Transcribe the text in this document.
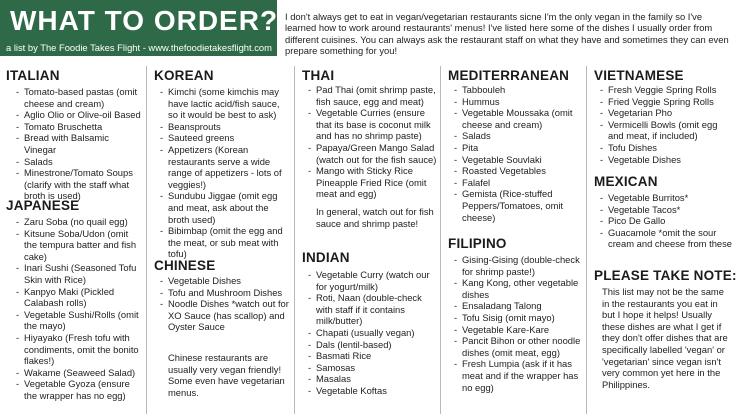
WHAT TO ORDER?
a list by The Foodie Takes Flight - www.thefoodietakesflight.com
I don't always get to eat in vegan/vegetarian restaurants sicne I'm the only vegan in the family so I've learned how to work around restaurants' menus! I've listed here some of the dishes I usually order from different cuisines. You can always ask the restaurant staff on what they have and sometimes they can even prepare something for you!
ITALIAN
- Tomato-based pastas (omit cheese and cream)
- Aglio Olio or Olive-oil Based
- Tomato Bruschetta
- Bread with Balsamic Vinegar
- Salads
- Minestrone/Tomato Soups (clarify with the staff what broth is used)
JAPANESE
- Zaru Soba (no quail egg)
- Kitsune Soba/Udon (omit the tempura batter and fish cake)
- Inari Sushi (Seasoned Tofu Skin with Rice)
- Kanpyo Maki (Pickled Calabash rolls)
- Vegetable Sushi/Rolls (omit the mayo)
- Hiyayako (Fresh tofu with condiments, omit the bonito flakes!)
- Wakame (Seaweed Salad)
- Vegetable Gyoza (ensure the wrapper has no egg)
KOREAN
- Kimchi (some kimchis may have lactic acid/fish sauce, so it would be best to ask)
- Beansprouts
- Sauteed greens
- Appetizers (Korean restaurants serve a wide range of appetizers - lots of veggies!)
- Sundubu Jiggae (omit egg and meat, ask about the broth used)
- Bibimbap (omit the egg and the meat, or sub meat with tofu)
CHINESE
- Vegetable Dishes
- Tofu and Mushroom Dishes
- Noodle Dishes *watch out for XO Sauce (has scallop) and Oyster Sauce
Chinese restaurants are usually very vegan friendly! Some even have vegetarian menus.
THAI
- Pad Thai (omit shrimp paste, fish sauce, egg and meat)
- Vegetable Curries (ensure that its base is coconut milk and has no shrimp paste)
- Papaya/Green Mango Salad (watch out for the fish sauce)
- Mango with Sticky Rice Pineapple Fried Rice (omit meat and egg)
In general, watch out for fish sauce and shrimp paste!
INDIAN
- Vegetable Curry (watch our for yogurt/milk)
- Roti, Naan (double-check with staff if it contains milk/butter)
- Chapati (usually vegan)
- Dals (lentil-based)
- Basmati Rice
- Samosas
- Masalas
- Vegetable Koftas
MEDITERRANEAN
- Tabbouleh
- Hummus
- Vegetable Moussaka (omit cheese and cream)
- Salads
- Pita
- Vegetable Souvlaki
- Roasted Vegetables
- Falafel
- Gemista (Rice-stuffed Peppers/Tomatoes, omit cheese)
FILIPINO
- Gising-Gising (double-check for shrimp paste!)
- Kang Kong, other vegetable dishes
- Ensaladang Talong
- Tofu Sisig (omit mayo)
- Vegetable Kare-Kare
- Pancit Bihon or other noodle dishes (omit meat, egg)
- Fresh Lumpia (ask if it has meat and if the wrapper has no egg)
VIETNAMESE
- Fresh Veggie Spring Rolls
- Fried Veggie Spring Rolls
- Vegetarian Pho
- Vermicelli Bowls (omit egg and meat, if included)
- Tofu Dishes
- Vegetable Dishes
MEXICAN
- Vegetable Burritos*
- Vegetable Tacos*
- Pico De Gallo
- Guacamole *omit the sour cream and cheese from these
PLEASE TAKE NOTE:
This list may not be the same in the restaurants you eat in but I hope it helps! Usually these dishes are what I get if they don't offer dishes that are specifically labelled 'vegan' or 'vegetarian' since vegan isn't very common yet here in the Philippines.
